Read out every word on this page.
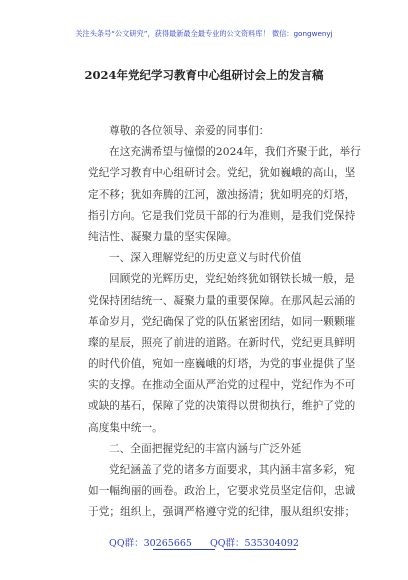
关注头条号“公文研究”，获得最新最全最专业的公文资料库！ 微信：gongwenyj
2024年党纪学习教育中心组研讨会上的发言稿
尊敬的各位领导、亲爱的同事们：
在这充满希望与憧憬的2024年，我们齐聚于此，举行
党纪学习教育中心组研讨会。党纪，犹如巍峨的高山，坚
定不移；犹如奔腾的江河，激浊扬清；犹如明亮的灯塔，
指引方向。它是我们党员干部的行为准则，是我们党保持
纯洁性、凝聚力量的坚实保障。
一、深入理解党纪的历史意义与时代价值
回顾党的光辉历史，党纪始终犹如钢铁长城一般，是
党保持团结统一、凝聚力量的重要保障。在那风起云涌的
革命岁月，党纪确保了党的队伍紧密团结，如同一颗颗璀
璨的星辰，照亮了前进的道路。在新时代，党纪更具鲜明
的时代价值，宛如一座巍峨的灯塔，为党的事业提供了坚
实的支撑。在推动全面从严治党的过程中，党纪作为不可
或缺的基石，保障了党的决策得以贯彻执行，维护了党的
高度集中统一。
二、全面把握党纪的丰富内涵与广泛外延
党纪涵盖了党的诸多方面要求，其内涵丰富多彩，宛
如一幅绚丽的画卷。政治上，它要求党员坚定信仰，忠诚
于党；组织上，强调严格遵守党的纪律，服从组织安排；
QQ群：30265665 QQ群：535304092
